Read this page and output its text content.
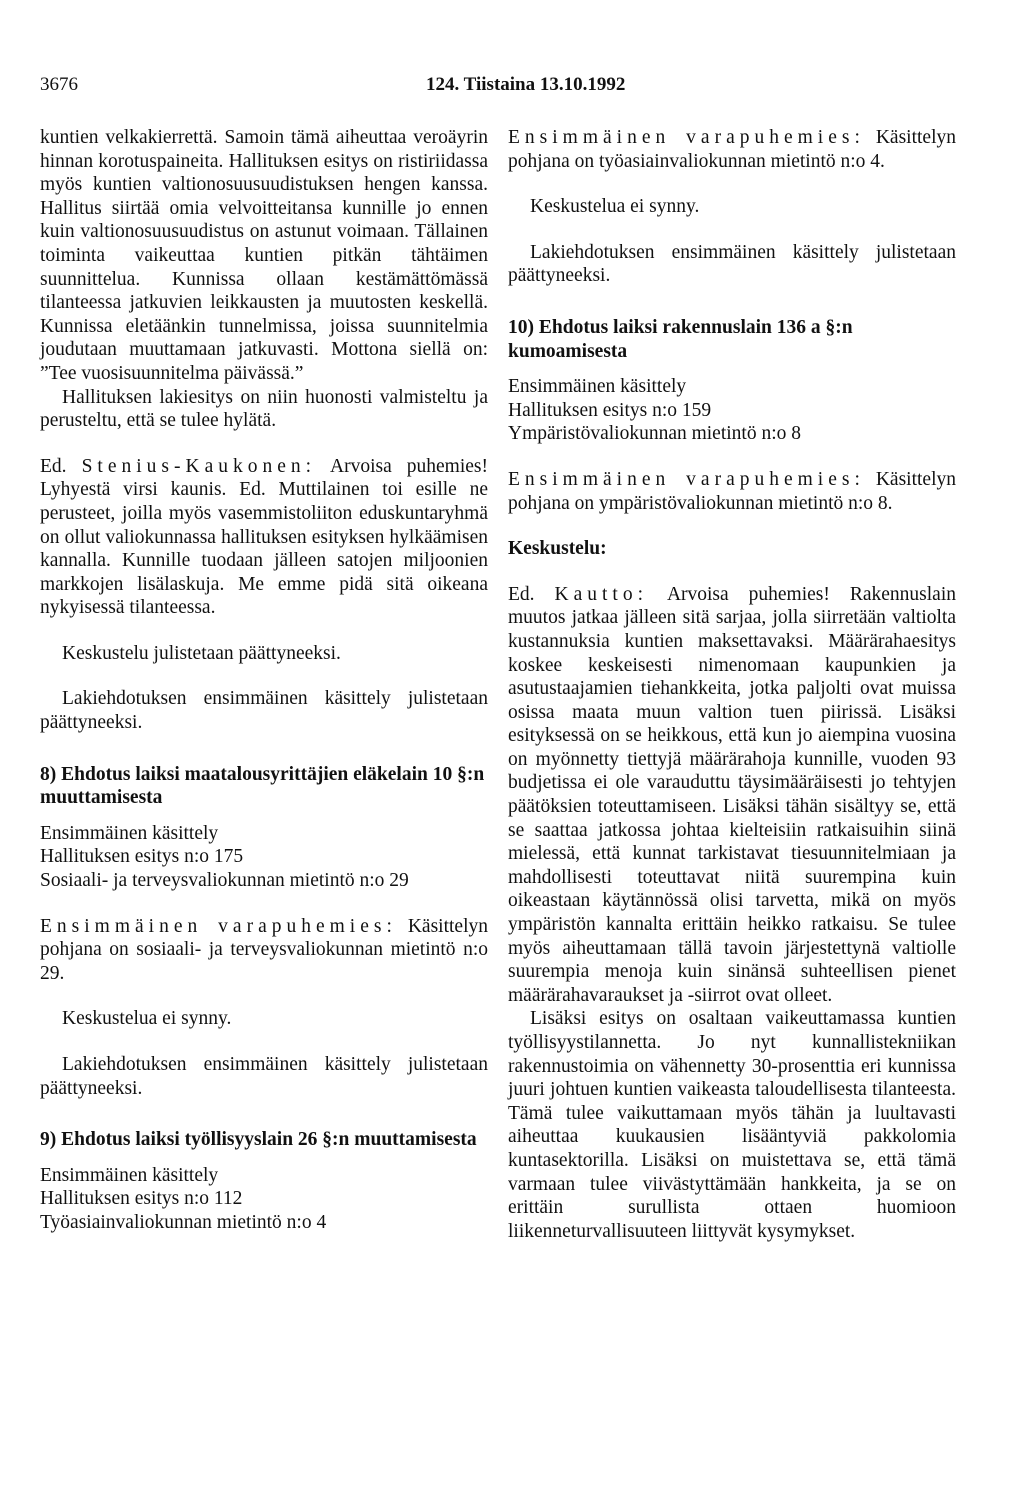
3676	124. Tiistaina 13.10.1992

kuntien velkakierrettä. Samoin tämä aiheuttaa veroäyrin hinnan korotuspaineita. Hallituksen esitys on ristiriidassa myös kuntien valtionosuusuudistuksen hengen kanssa. Hallitus siirtää omia velvoitteitansa kunnille jo ennen kuin valtionosuusuudistus on astunut voimaan. Tällainen toiminta vaikeuttaa kuntien pitkän tähtäimen suunnittelua. Kunnissa ollaan kestämättömässä tilanteessa jatkuvien leikkausten ja muutosten keskellä. Kunnissa eletäänkin tunnelmissa, joissa suunnitelmia joudutaan muuttamaan jatkuvasti. Mottona siellä on: ”Tee vuosisuunnitelma päivässä.”

Hallituksen lakiesitys on niin huonosti valmisteltu ja perusteltu, että se tulee hylätä.

Ed. Stenius-Kaukonen: Arvoisa puhemies! Lyhyestä virsi kaunis. Ed. Muttilainen toi esille ne perusteet, joilla myös vasemmistoliiton eduskuntaryhmä on ollut valiokunnassa hallituksen esityksen hylkäämisen kannalla. Kunnille tuodaan jälleen satojen miljoonien markkojen lisälaskuja. Me emme pidä sitä oikeana nykyisessä tilanteessa.

Keskustelu julistetaan päättyneeksi.

Lakiehdotuksen ensimmäinen käsittely julistetaan päättyneeksi.

8) Ehdotus laiksi maatalousyrittäjien eläkelain 10 §:n muuttamisesta

Ensimmäinen käsittely

Hallituksen esitys n:o 175

Sosiaali- ja terveysvaliokunnan mietintö n:o 29

Ensimmäinen varapuhemies: Käsittelyn pohjana on sosiaali- ja terveysvaliokunnan mietintö n:o 29.

Keskustelua ei synny.

Lakiehdotuksen ensimmäinen käsittely julistetaan päättyneeksi.

9) Ehdotus laiksi työllisyyslain 26 §:n muuttamisesta

Ensimmäinen käsittely

Hallituksen esitys n:o 112

Työasiainvaliokunnan mietintö n:o 4

Ensimmäinen varapuhemies: Käsittelyn pohjana on työasiainvaliokunnan mietintö n:o 4.

Keskustelua ei synny.

Lakiehdotuksen ensimmäinen käsittely julistetaan päättyneeksi.

10) Ehdotus laiksi rakennuslain 136 a §:n kumoamisesta

Ensimmäinen käsittely

Hallituksen esitys n:o 159

Ympäristövaliokunnan mietintö n:o 8

Ensimmäinen varapuhemies: Käsittelyn pohjana on ympäristövaliokunnan mietintö n:o 8.

Keskustelu:

Ed. Kautto: Arvoisa puhemies! Rakennuslain muutos jatkaa jälleen sitä sarjaa, jolla siirretään valtiolta kustannuksia kuntien maksettavaksi. Määrärahaesitys koskee keskeisesti nimenomaan kaupunkien ja asutustaajamien tiehankkeita, jotka paljolti ovat muissa osissa maata muun valtion tuen piirissä. Lisäksi esityksessä on se heikkous, että kun jo aiempina vuosina on myönnetty tiettyjä määrärahoja kunnille, vuoden 93 budjetissa ei ole varauduttu täysimääräisesti jo tehtyjen päätöksien toteuttamiseen. Lisäksi tähän sisältyy se, että se saattaa jatkossa johtaa kielteisiin ratkaisuihin siinä mielessä, että kunnat tarkistavat tiesuunnitelmiaan ja mahdollisesti toteuttavat niitä suurempina kuin oikeastaan käytännössä olisi tarvetta, mikä on myös ympäristön kannalta erittäin heikko ratkaisu. Se tulee myös aiheuttamaan tällä tavoin järjestettynä valtiolle suurempia menoja kuin sinänsä suhteellisen pienet määrärahavaraukset ja -siirrot ovat olleet.

Lisäksi esitys on osaltaan vaikeuttamassa kuntien työllisyystilannetta. Jo nyt kunnallistekniikan rakennustoimia on vähennetty 30-prosenttia eri kunnissa juuri johtuen kuntien vaikeasta taloudellisesta tilanteesta. Tämä tulee vaikuttamaan myös tähän ja luultavasti aiheuttaa kuukausien lisääntyviä pakkolomia kuntasektorilla. Lisäksi on muistettava se, että tämä varmaan tulee viivästyttämään hankkeita, ja se on erittäin surullista ottaen huomioon liikenneturvallisuuteen liittyvät kysymykset.
